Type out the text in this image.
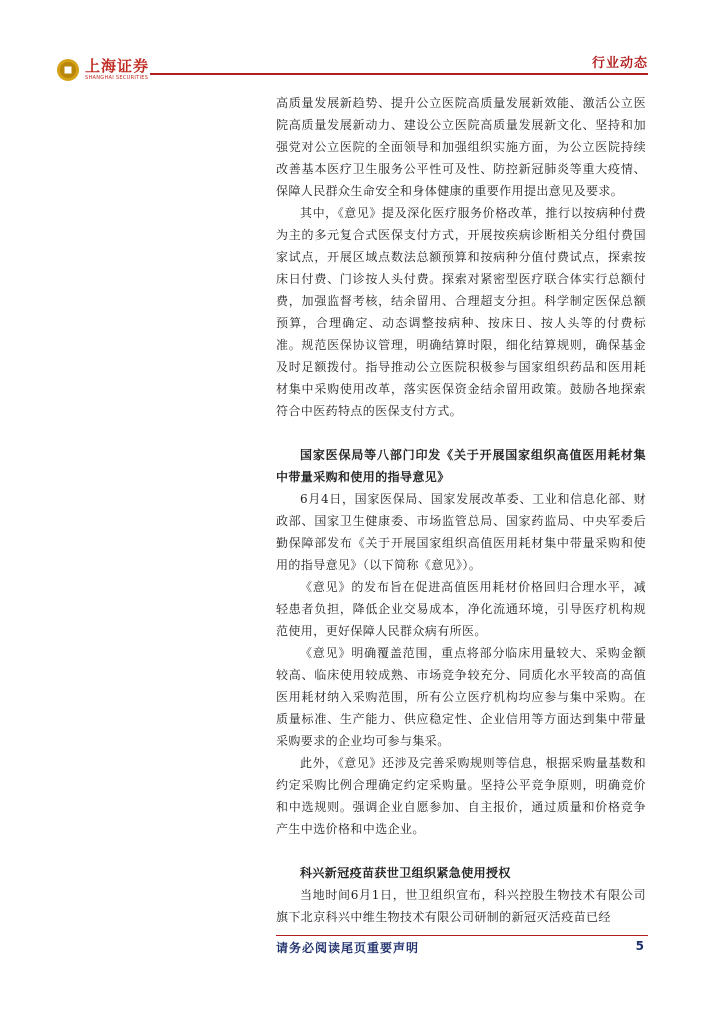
上海证券
SHANGHAI SECURITIES
行业动态

高质量发展新趋势、提升公立医院高质量发展新效能、激活公立医院高质量发展新动力、建设公立医院高质量发展新文化、坚持和加强党对公立医院的全面领导和加强组织实施方面，为公立医院持续改善基本医疗卫生服务公平性可及性、防控新冠肺炎等重大疫情、保障人民群众生命安全和身体健康的重要作用提出意见及要求。

其中，《意见》提及深化医疗服务价格改革，推行以按病种付费为主的多元复合式医保支付方式，开展按疾病诊断相关分组付费国家试点，开展区域点数法总额预算和按病种分值付费试点，探索按床日付费、门诊按人头付费。探索对紧密型医疗联合体实行总额付费，加强监督考核，结余留用、合理超支分担。科学制定医保总额预算，合理确定、动态调整按病种、按床日、按人头等的付费标准。规范医保协议管理，明确结算时限，细化结算规则，确保基金及时足额拨付。指导推动公立医院积极参与国家组织药品和医用耗材集中采购使用改革，落实医保资金结余留用政策。鼓励各地探索符合中医药特点的医保支付方式。

国家医保局等八部门印发《关于开展国家组织高值医用耗材集中带量采购和使用的指导意见》

6月4日，国家医保局、国家发展改革委、工业和信息化部、财政部、国家卫生健康委、市场监管总局、国家药监局、中央军委后勤保障部发布《关于开展国家组织高值医用耗材集中带量采购和使用的指导意见》（以下简称《意见》）。

《意见》的发布旨在促进高值医用耗材价格回归合理水平，减轻患者负担，降低企业交易成本，净化流通环境，引导医疗机构规范使用，更好保障人民群众病有所医。

《意见》明确覆盖范围，重点将部分临床用量较大、采购金额较高、临床使用较成熟、市场竞争较充分、同质化水平较高的高值医用耗材纳入采购范围，所有公立医疗机构均应参与集中采购。在质量标准、生产能力、供应稳定性、企业信用等方面达到集中带量采购要求的企业均可参与集采。

此外，《意见》还涉及完善采购规则等信息，根据采购量基数和约定采购比例合理确定约定采购量。坚持公平竞争原则，明确竞价和中选规则。强调企业自愿参加、自主报价，通过质量和价格竞争产生中选价格和中选企业。

科兴新冠疫苗获世卫组织紧急使用授权

当地时间6月1日，世卫组织宣布，科兴控股生物技术有限公司旗下北京科兴中维生物技术有限公司研制的新冠灭活疫苗已经

请务必阅读尾页重要声明	5
